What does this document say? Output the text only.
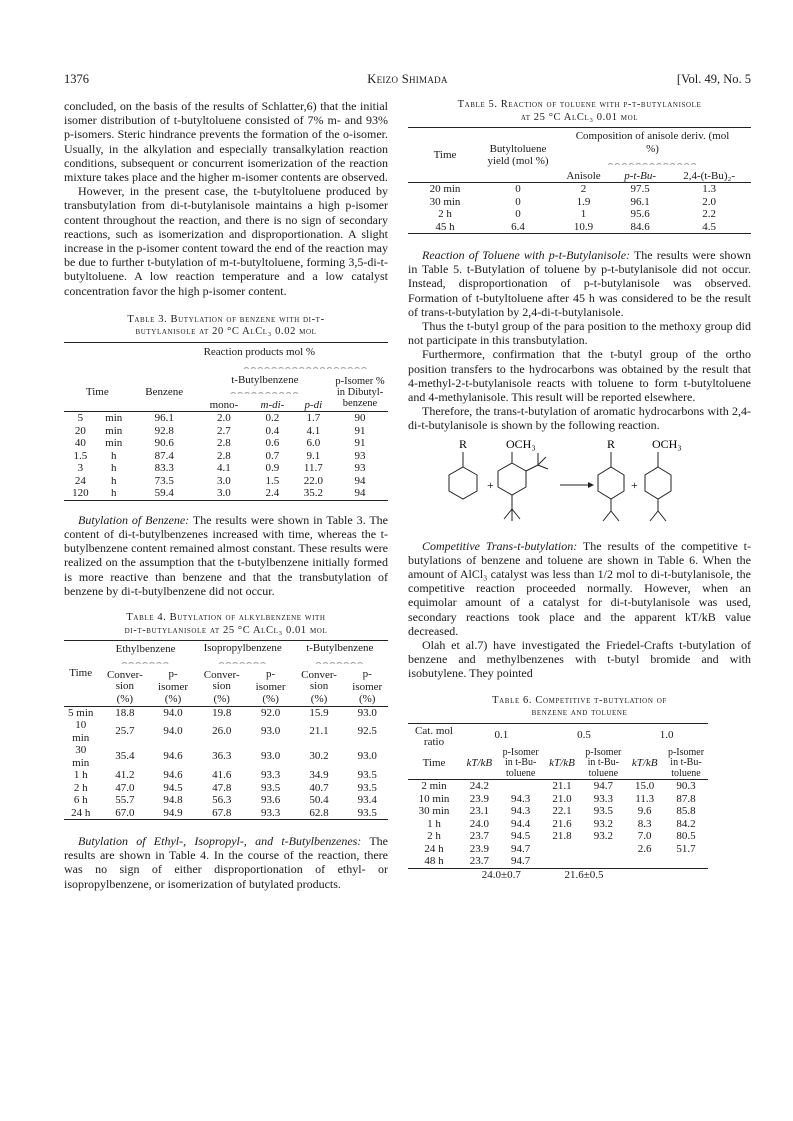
1376	Keizo Shimada	[Vol. 49, No. 5

concluded, on the basis of the results of Schlatter,6) that the initial isomer distribution of t-butyltoluene consisted of 7% m- and 93% p-isomers. Steric hindrance prevents the formation of the o-isomer. Usually, in the alkylation and especially transalkylation reaction conditions, subsequent or concurrent isomerization of the reaction mixture takes place and the higher m-isomer contents are observed.

However, in the present case, the t-butyltoluene produced by transbutylation from di-t-butylanisole maintains a high p-isomer content throughout the reaction, and there is no sign of secondary reactions, such as isomerization and disproportionation. A slight increase in the p-isomer content toward the end of the reaction may be due to further t-butylation of m-t-butyltoluene, forming 3,5-di-t-butyltoluene. A low reaction temperature and a low catalyst concentration favor the high p-isomer content.

Table 3. Butylation of benzene with di-t-
butylanisole at 20 °C AlCl₃ 0.02 mol
		Reaction products mol %				
		⌢⌢⌢⌢⌢⌢⌢⌢⌢⌢⌢⌢⌢⌢⌢⌢⌢⌢				
Time		Benzene	t-Butylbenzene			p-Isomer % in Dibutyl-benzene
			⌢⌢⌢⌢⌢⌢⌢⌢⌢⌢			
			mono-	m-di-	p-di	
5	min	96.1	2.0	0.2	1.7	90
20	min	92.8	2.7	0.4	4.1	91
40	min	90.6	2.8	0.6	6.0	91
1.5	h	87.4	2.8	0.7	9.1	93
3	h	83.3	4.1	0.9	11.7	93
24	h	73.5	3.0	1.5	22.0	94
120	h	59.4	3.0	2.4	35.2	94

Butylation of Benzene: The results were shown in Table 3. The content of di-t-butylbenzenes increased with time, whereas the t-butylbenzene content remained almost constant. These results were realized on the assumption that the t-butylbenzene initially formed is more reactive than benzene and that the transbutylation of benzene by di-t-butylbenzene did not occur.

Table 4. Butylation of alkylbenzene with
di-t-butylanisole at 25 °C AlCl₃ 0.01 mol
Time	Ethylbenzene		Isopropylbenzene		t-Butylbenzene	
	⌢⌢⌢⌢⌢⌢⌢		⌢⌢⌢⌢⌢⌢⌢		⌢⌢⌢⌢⌢⌢⌢	
	Conver-sion	p-isomer	Conver-sion	p-isomer	Conver-sion	p-isomer
	(%)	(%)	(%)	(%)	(%)	(%)
5 min	18.8	94.0	19.8	92.0	15.9	93.0
10 min	25.7	94.0	26.0	93.0	21.1	92.5
30 min	35.4	94.6	36.3	93.0	30.2	93.0
1 h	41.2	94.6	41.6	93.3	34.9	93.5
2 h	47.0	94.5	47.8	93.5	40.7	93.5
6 h	55.7	94.8	56.3	93.6	50.4	93.4
24 h	67.0	94.9	67.8	93.3	62.8	93.5

Butylation of Ethyl-, Isopropyl-, and t-Butylbenzenes: The results are shown in Table 4. In the course of the reaction, there was no sign of either disproportionation of ethyl- or isopropylbenzene, or isomerization of butylated products.

Table 5. Reaction of toluene with p-t-butylanisole
at 25 °C AlCl₃ 0.01 mol
Time	Butyltoluene yield (mol %)	Composition of anisole deriv. (mol %)		
		⌢⌢⌢⌢⌢⌢⌢⌢⌢⌢⌢⌢⌢		
		Anisole	p-t-Bu-	2,4-(t-Bu)₂-
20 min	0	2	97.5	1.3
30 min	0	1.9	96.1	2.0
2 h	0	1	95.6	2.2
45 h	6.4	10.9	84.6	4.5

Reaction of Toluene with p-t-Butylanisole: The results were shown in Table 5. t-Butylation of toluene by p-t-butylanisole did not occur. Instead, disproportionation of p-t-butylanisole was observed. Formation of t-butyltoluene after 45 h was considered to be the result of trans-t-butylation by 2,4-di-t-butylanisole.

Thus the t-butyl group of the para position to the methoxy group did not participate in this transbutylation.

Furthermore, confirmation that the t-butyl group of the ortho position transfers to the hydrocarbons was obtained by the result that 4-methyl-2-t-butylanisole reacts with toluene to form t-butyltoluene and 4-methylanisole. This result will be reported elsewhere.

Therefore, the trans-t-butylation of aromatic hydrocarbons with 2,4-di-t-butylanisole is shown by the following reaction.

R
+
OCH₃	R
+
OCH₃

Competitive Trans-t-butylation: The results of the competitive t-butylations of benzene and toluene are shown in Table 6. When the amount of AlCl₃ catalyst was less than 1/2 mol to di-t-butylanisole, the competitive reaction proceeded normally. However, when an equimolar amount of a catalyst for di-t-butylanisole was used, secondary reactions took place and the apparent kT/kB value decreased.

Olah et al.7) have investigated the Friedel-Crafts t-butylation of benzene and methylbenzenes with t-butyl bromide and with isobutylene. They pointed

Table 6. Competitive t-butylation of
benzene and toluene
Cat. mol ratio	0.1		0.5		1.0	
Time	kT/kB	p-Isomer in t-Bu-toluene	kT/kB	p-Isomer in t-Bu-toluene	kT/kB	p-Isomer in t-Bu-toluene
2 min	24.2		21.1	94.7	15.0	90.3
10 min	23.9	94.3	21.0	93.3	11.3	87.8
30 min	23.1	94.3	22.1	93.5	9.6	85.8
1 h	24.0	94.4	21.6	93.2	8.3	84.2
2 h	23.7	94.5	21.8	93.2	7.0	80.5
24 h	23.9	94.7			2.6	51.7
48 h	23.7	94.7				
	24.0±0.7		21.6±0.5			
